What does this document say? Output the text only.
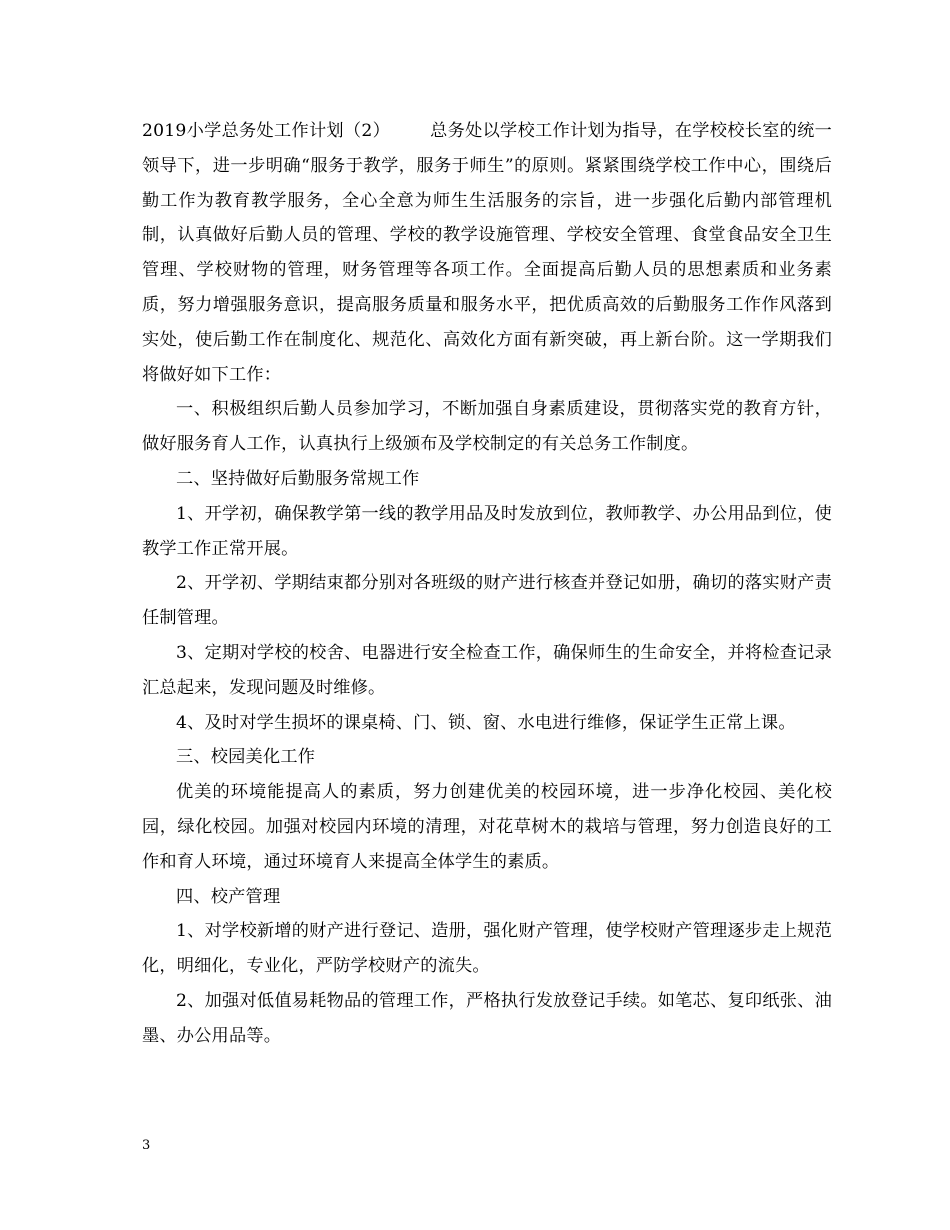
2019小学总务处工作计划（2） 总务处以学校工作计划为指导，在学校校长室的统一领导下，进一步明确“服务于教学，服务于师生”的原则。紧紧围绕学校工作中心，围绕后勤工作为教育教学服务，全心全意为师生生活服务的宗旨，进一步强化后勤内部管理机制，认真做好后勤人员的管理、学校的教学设施管理、学校安全管理、食堂食品安全卫生管理、学校财物的管理，财务管理等各项工作。全面提高后勤人员的思想素质和业务素质，努力增强服务意识，提高服务质量和服务水平，把优质高效的后勤服务工作作风落到实处，使后勤工作在制度化、规范化、高效化方面有新突破，再上新台阶。这一学期我们将做好如下工作：

一、积极组织后勤人员参加学习，不断加强自身素质建设，贯彻落实党的教育方针，做好服务育人工作，认真执行上级颁布及学校制定的有关总务工作制度。

二、坚持做好后勤服务常规工作

1、开学初，确保教学第一线的教学用品及时发放到位，教师教学、办公用品到位，使教学工作正常开展。

2、开学初、学期结束都分别对各班级的财产进行核查并登记如册，确切的落实财产责任制管理。

3、定期对学校的校舍、电器进行安全检查工作，确保师生的生命安全，并将检查记录汇总起来，发现问题及时维修。

4、及时对学生损坏的课桌椅、门、锁、窗、水电进行维修，保证学生正常上课。

三、校园美化工作

优美的环境能提高人的素质，努力创建优美的校园环境，进一步净化校园、美化校园，绿化校园。加强对校园内环境的清理，对花草树木的栽培与管理，努力创造良好的工作和育人环境，通过环境育人来提高全体学生的素质。

四、校产管理

1、对学校新增的财产进行登记、造册，强化财产管理，使学校财产管理逐步走上规范化，明细化，专业化，严防学校财产的流失。

2、加强对低值易耗物品的管理工作，严格执行发放登记手续。如笔芯、复印纸张、油墨、办公用品等。

3
